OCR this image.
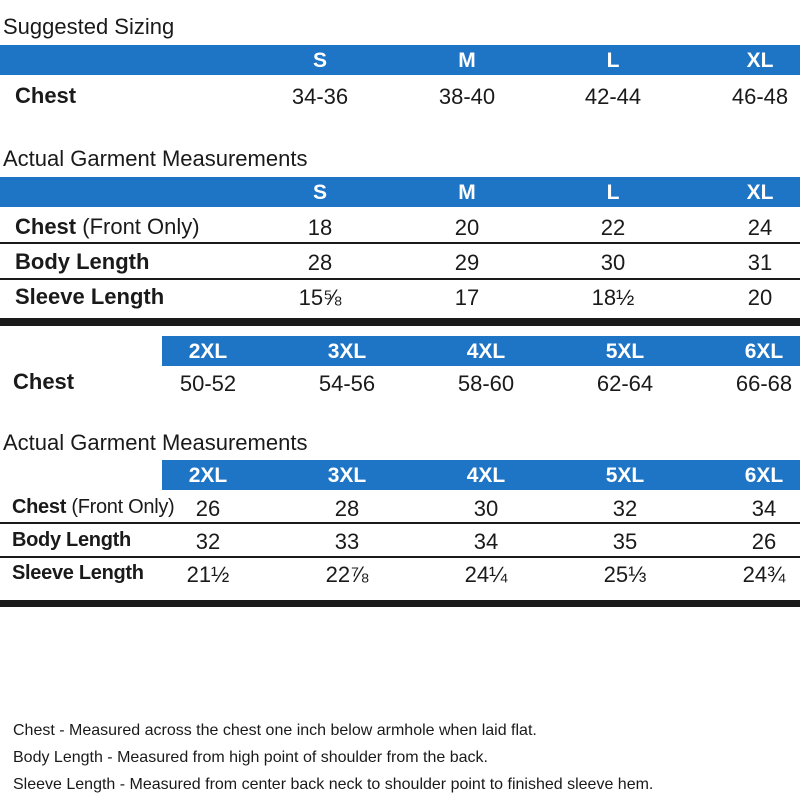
Suggested Sizing
S	M	L	XL
Chest	34-36	38-40	42-44	46-48
Actual Garment Measurements
S	M	L	XL
Chest (Front Only)	18	20	22	24
Body Length	28	29	30	31
Sleeve Length	15⅝	17	18½	20
2XL	3XL	4XL	5XL	6XL
Chest	50-52	54-56	58-60	62-64	66-68
Actual Garment Measurements
2XL	3XL	4XL	5XL	6XL
Chest (Front Only) 26	28	30	32	34
Body Length	32	33	34	35	26
Sleeve Length	21½	22⅞	24¼	25⅓	24¾
Chest - Measured across the chest one inch below armhole when laid flat.
Body Length - Measured from high point of shoulder from the back.
Sleeve Length - Measured from center back neck to shoulder point to finished sleeve hem.
